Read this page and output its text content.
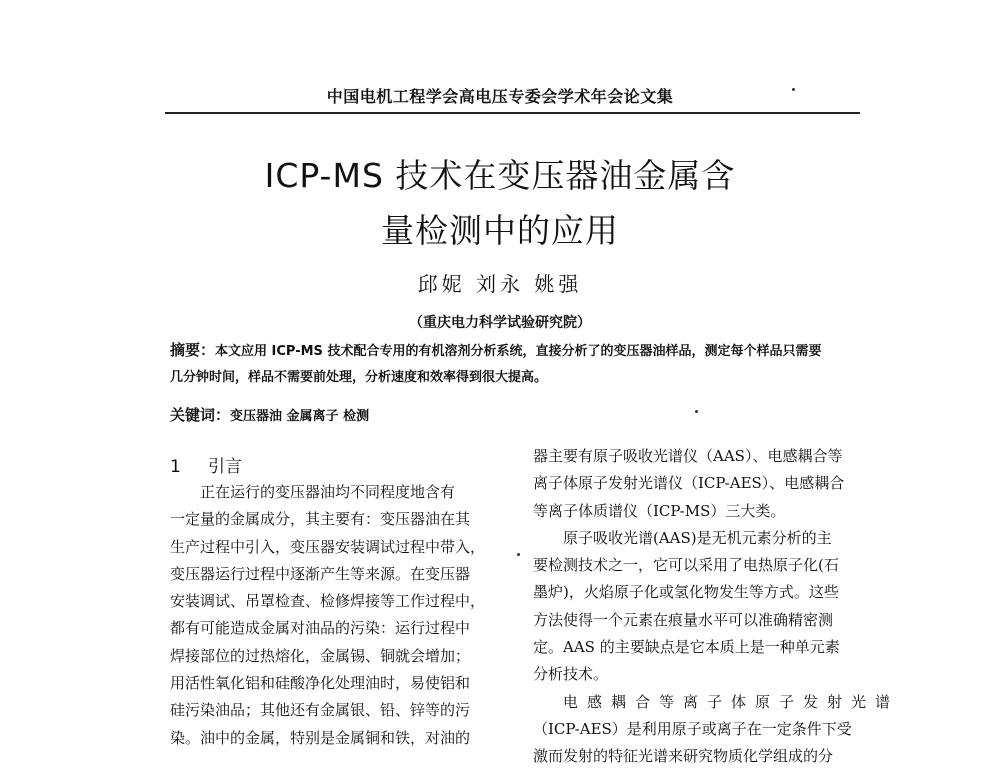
中国电机工程学会高电压专委会学术年会论文集
ICP-MS 技术在变压器油金属含
量检测中的应用
邱妮 刘永 姚强
（重庆电力科学试验研究院）
摘要：本文应用 ICP-MS 技术配合专用的有机溶剂分析系统，直接分析了的变压器油样品，测定每个样品只需要
几分钟时间，样品不需要前处理，分析速度和效率得到很大提高。
关键词：变压器油 金属离子 检测
1 引言
正在运行的变压器油均不同程度地含有
一定量的金属成分，其主要有：变压器油在其
生产过程中引入，变压器安装调试过程中带入，
变压器运行过程中逐渐产生等来源。在变压器
安装调试、吊罩检查、检修焊接等工作过程中，
都有可能造成金属对油品的污染：运行过程中
焊接部位的过热熔化，金属锡、铜就会增加；
用活性氧化铝和硅酸净化处理油时，易使铝和
硅污染油品；其他还有金属银、铅、锌等的污
染。油中的金属，特别是金属铜和铁，对油的
器主要有原子吸收光谱仪（AAS）、电感耦合等
离子体原子发射光谱仪（ICP-AES）、电感耦合
等离子体质谱仪（ICP-MS）三大类。
原子吸收光谱(AAS)是无机元素分析的主
要检测技术之一，它可以采用了电热原子化(石
墨炉)，火焰原子化或氢化物发生等方式。这些
方法使得一个元素在痕量水平可以准确精密测
定。AAS 的主要缺点是它本质上是一种单元素
分析技术。
电感耦合等离子体原子发射光谱
（ICP-AES）是利用原子或离子在一定条件下受
激而发射的特征光谱来研究物质化学组成的分
